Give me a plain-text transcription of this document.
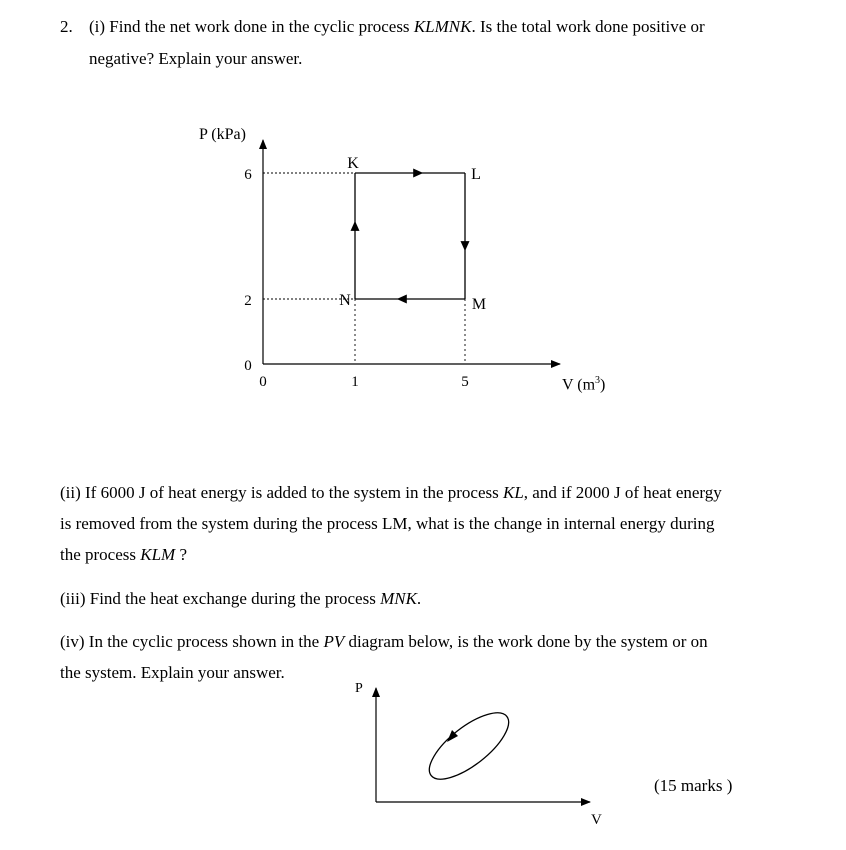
2. (i) Find the net work done in the cyclic process KLMNK. Is the total work done positive or
negative? Explain your answer.
0
2
6
0	1	5
K
L
M
N
P (kPa)
V $(m^3)$
(ii) If 6000 J of heat energy is added to the system in the process KL, and if 2000 J of heat energy
is removed from the system during the process LM, what is the change in internal energy during
the process KLM ?
(iii) Find the heat exchange during the process MNK.
(iv) In the cyclic process shown in the PV diagram below, is the work done by the system or on
the system. Explain your answer.
P
V
(15 marks )
